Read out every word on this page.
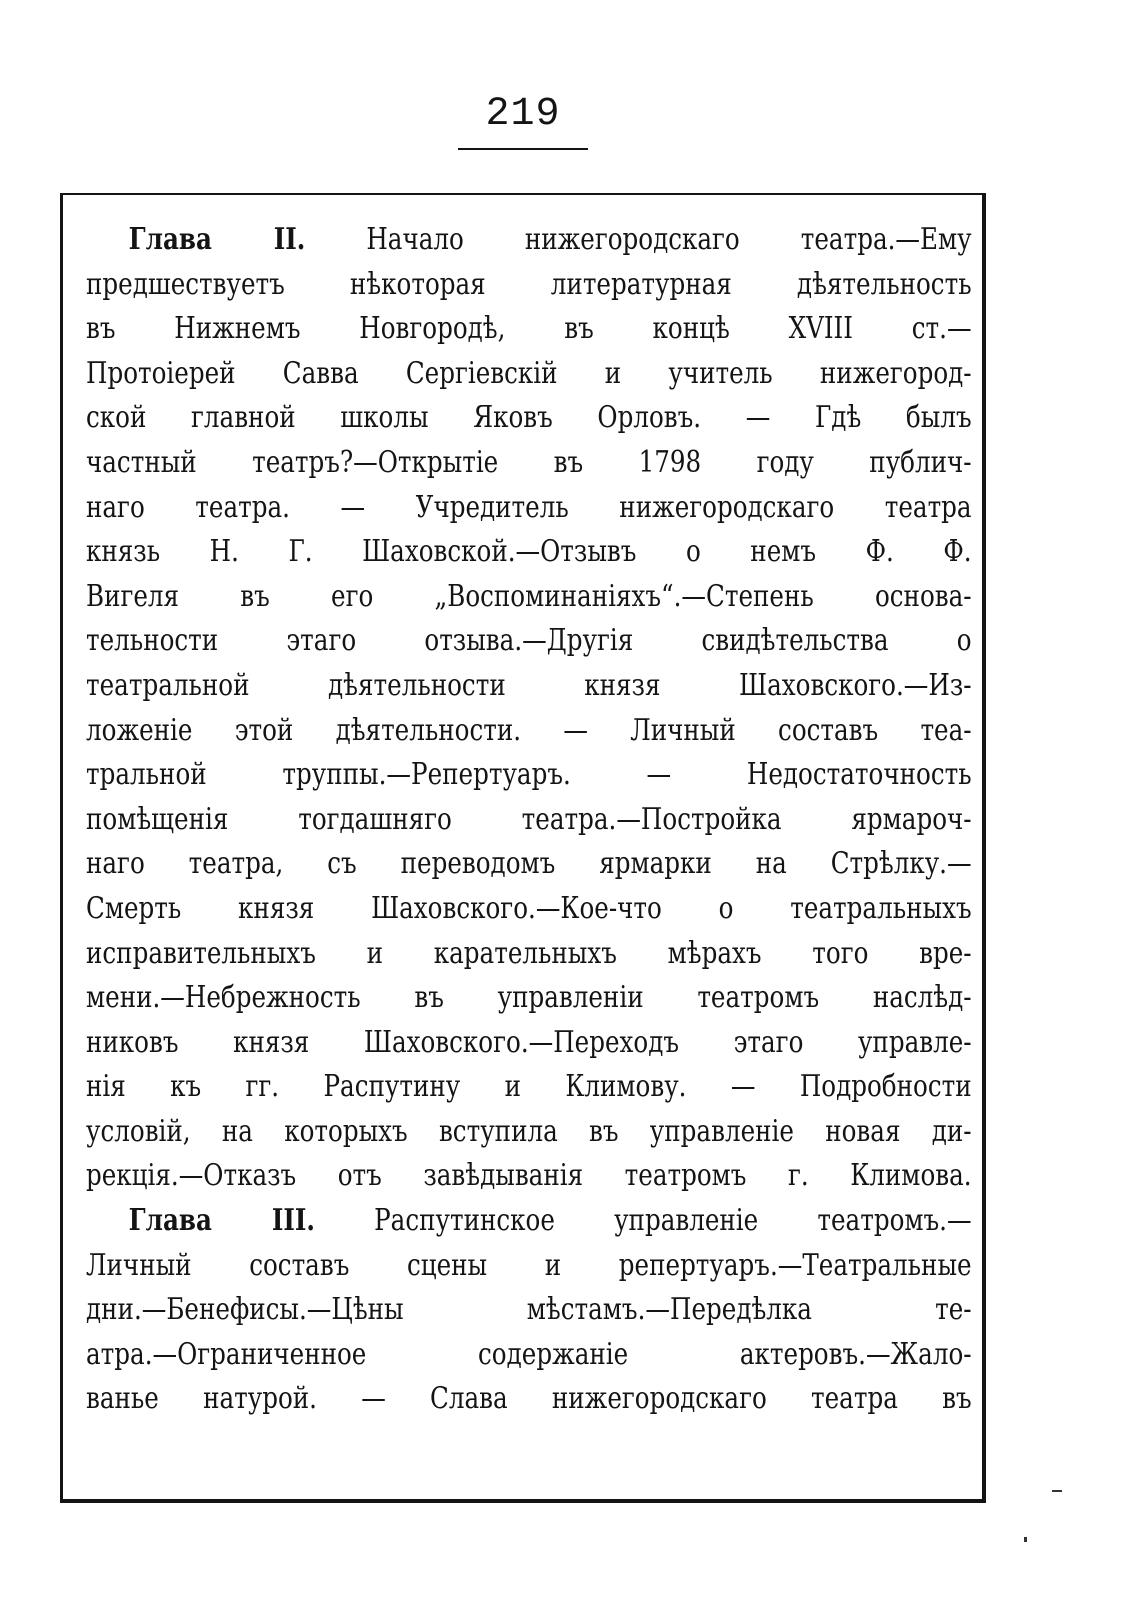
219
Глава II. Начало нижегородскаго театра.—Ему
предшествуетъ нѣкоторая литературная дѣятельность
въ Нижнемъ Новгородѣ, въ концѣ XVIII ст.—
Протоіерей Савва Сергіевскій и учитель нижегород-
ской главной школы Яковъ Орловъ. — Гдѣ былъ
частный театръ?—Открытіе въ 1798 году публич-
наго театра. — Учредитель нижегородскаго театра
князь Н. Г. Шаховской.—Отзывъ о немъ Ф. Ф.
Вигеля въ его „Воспоминаніяхъ“.—Степень основа-
тельности этаго отзыва.—Другія свидѣтельства о
театральной дѣятельности князя Шаховского.—Из-
ложеніе этой дѣятельности. — Личный составъ теа-
тральной труппы.—Репертуаръ. — Недостаточность
помѣщенія тогдашняго театра.—Постройка ярмароч-
наго театра, съ переводомъ ярмарки на Стрѣлку.—
Смерть князя Шаховского.—Кое-что о театральныхъ
исправительныхъ и карательныхъ мѣрахъ того вре-
мени.—Небрежность въ управленіи театромъ наслѣд-
никовъ князя Шаховского.—Переходъ этаго управле-
нія къ гг. Распутину и Климову. — Подробности
условій, на которыхъ вступила въ управленіе новая ди-
рекція.—Отказъ отъ завѣдыванія театромъ г. Климова.
Глава III. Распутинское управленіе театромъ.—
Личный составъ сцены и репертуаръ.—Театральные
дни.—Бенефисы.—Цѣны мѣстамъ.—Передѣлка те-
атра.—Ограниченное содержаніе актеровъ.—Жало-
ванье натурой. — Слава нижегородскаго театра въ
